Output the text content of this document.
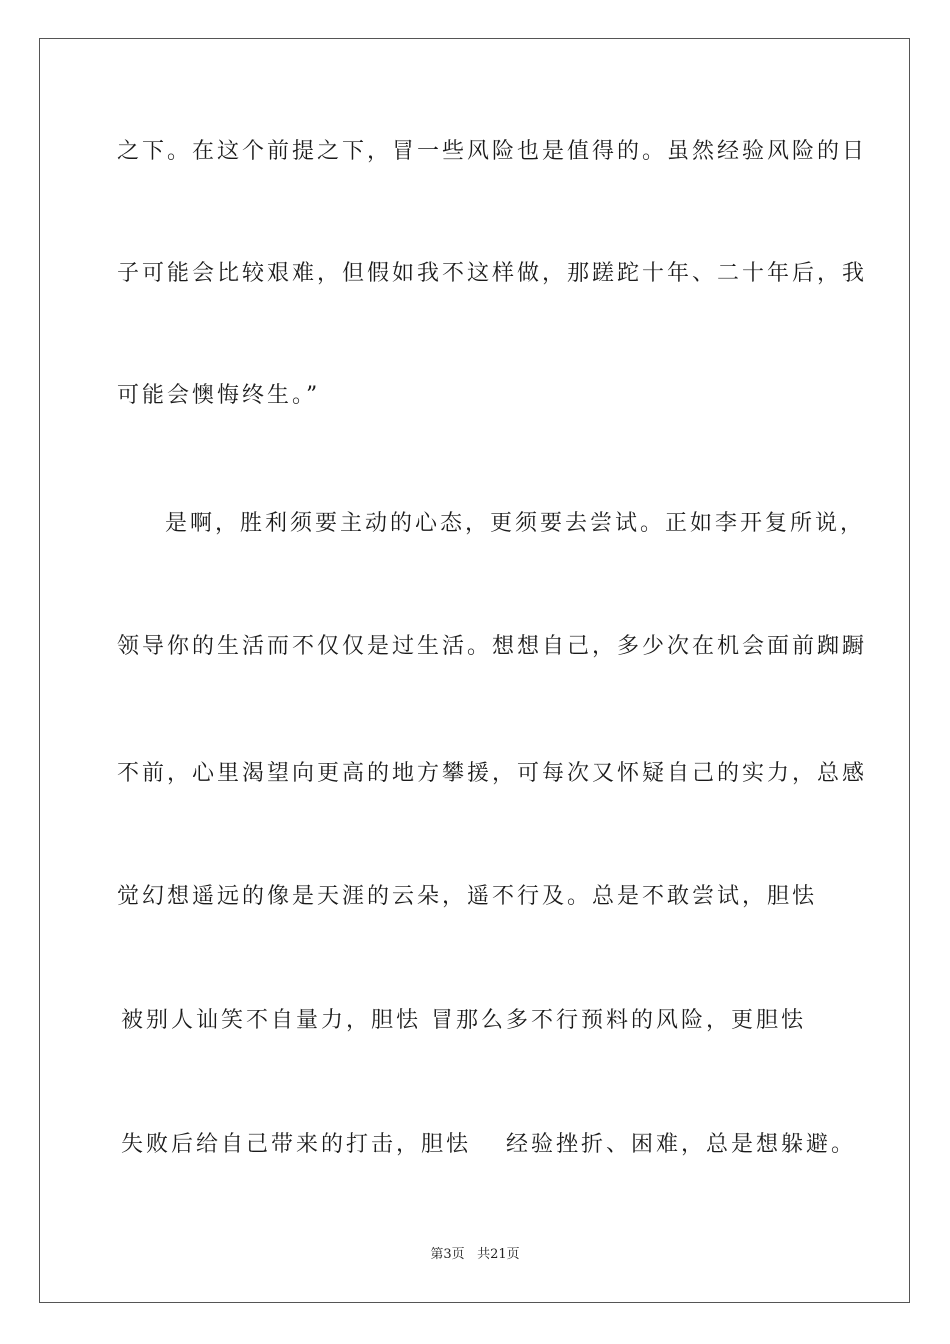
之下。在这个前提之下，冒一些风险也是值得的。虽然经验风险的日
子可能会比较艰难，但假如我不这样做，那蹉跎十年、二十年后，我
可能会懊悔终生。”
是啊，胜利须要主动的心态，更须要去尝试。正如李开复所说，
领导你的生活而不仅仅是过生活。想想自己，多少次在机会面前踟蹰
不前，心里渴望向更高的地方攀援，可每次又怀疑自己的实力，总感
觉幻想遥远的像是天涯的云朵，遥不行及。总是不敢尝试，胆怯
被别人讪笑不自量力，胆怯 冒那么多不行预料的风险，更胆怯
失败后给自己带来的打击，胆怯　 经验挫折、困难，总是想躲避。
第3页 共21页
